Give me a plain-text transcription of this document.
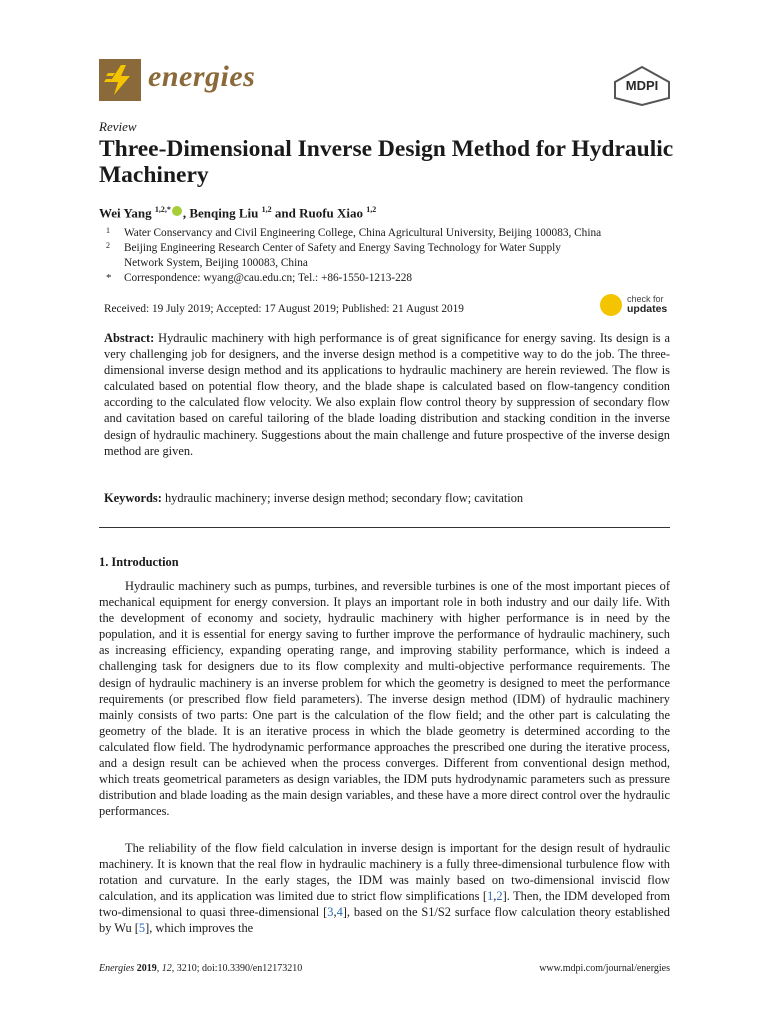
energies	MDPI
Review
Three-Dimensional Inverse Design Method for Hydraulic Machinery
Wei Yang $^{1,2,*}$ , Benqing Liu $^{1,2}$ and Ruofu Xiao $^{1,2}$
1 Water Conservancy and Civil Engineering College, China Agricultural University, Beijing 100083, China
2 Beijing Engineering Research Center of Safety and Energy Saving Technology for Water Supply
Network System, Beijing 100083, China
* Correspondence: wyang@cau.edu.cn; Tel.: +86-1550-1213-228
Received: 19 July 2019; Accepted: 17 August 2019; Published: 21 August 2019
check for
updates

Abstract: Hydraulic machinery with high performance is of great significance for energy saving. Its design is a very challenging job for designers, and the inverse design method is a competitive way to do the job. The three-dimensional inverse design method and its applications to hydraulic machinery are herein reviewed. The flow is calculated based on potential flow theory, and the blade shape is calculated based on flow-tangency condition according to the calculated flow velocity. We also explain flow control theory by suppression of secondary flow and cavitation based on careful tailoring of the blade loading distribution and stacking condition in the inverse design of hydraulic machinery. Suggestions about the main challenge and future prospective of the inverse design method are given.

Keywords: hydraulic machinery; inverse design method; secondary flow; cavitation

1. Introduction

Hydraulic machinery such as pumps, turbines, and reversible turbines is one of the most important pieces of mechanical equipment for energy conversion. It plays an important role in both industry and our daily life. With the development of economy and society, hydraulic machinery with higher performance is in need by the population, and it is essential for energy saving to further improve the performance of hydraulic machinery, such as increasing efficiency, expanding operating range, and improving stability performance, which is indeed a challenging task for designers due to its flow complexity and multi-objective performance requirements. The design of hydraulic machinery is an inverse problem for which the geometry is designed to meet the performance requirements (or prescribed flow field parameters). The inverse design method (IDM) of hydraulic machinery mainly consists of two parts: One part is the calculation of the flow field; and the other part is calculating the geometry of the blade. It is an iterative process in which the blade geometry is determined according to the calculated flow field. The hydrodynamic performance approaches the prescribed one during the iterative process, and a design result can be achieved when the process converges. Different from conventional design method, which treats geometrical parameters as design variables, the IDM puts hydrodynamic parameters such as pressure distribution and blade loading as the main design variables, and these have a more direct control over the hydraulic performances.

The reliability of the flow field calculation in inverse design is important for the design result of hydraulic machinery. It is known that the real flow in hydraulic machinery is a fully three-dimensional turbulence flow with rotation and curvature. In the early stages, the IDM was mainly based on two-dimensional inviscid flow calculation, and its application was limited due to strict flow simplifications [1,2]. Then, the IDM developed from two-dimensional to quasi three-dimensional [3,4], based on the S1/S2 surface flow calculation theory established by Wu [5], which improves the

Energies 2019, 12, 3210; doi:10.3390/en12173210	www.mdpi.com/journal/energies
